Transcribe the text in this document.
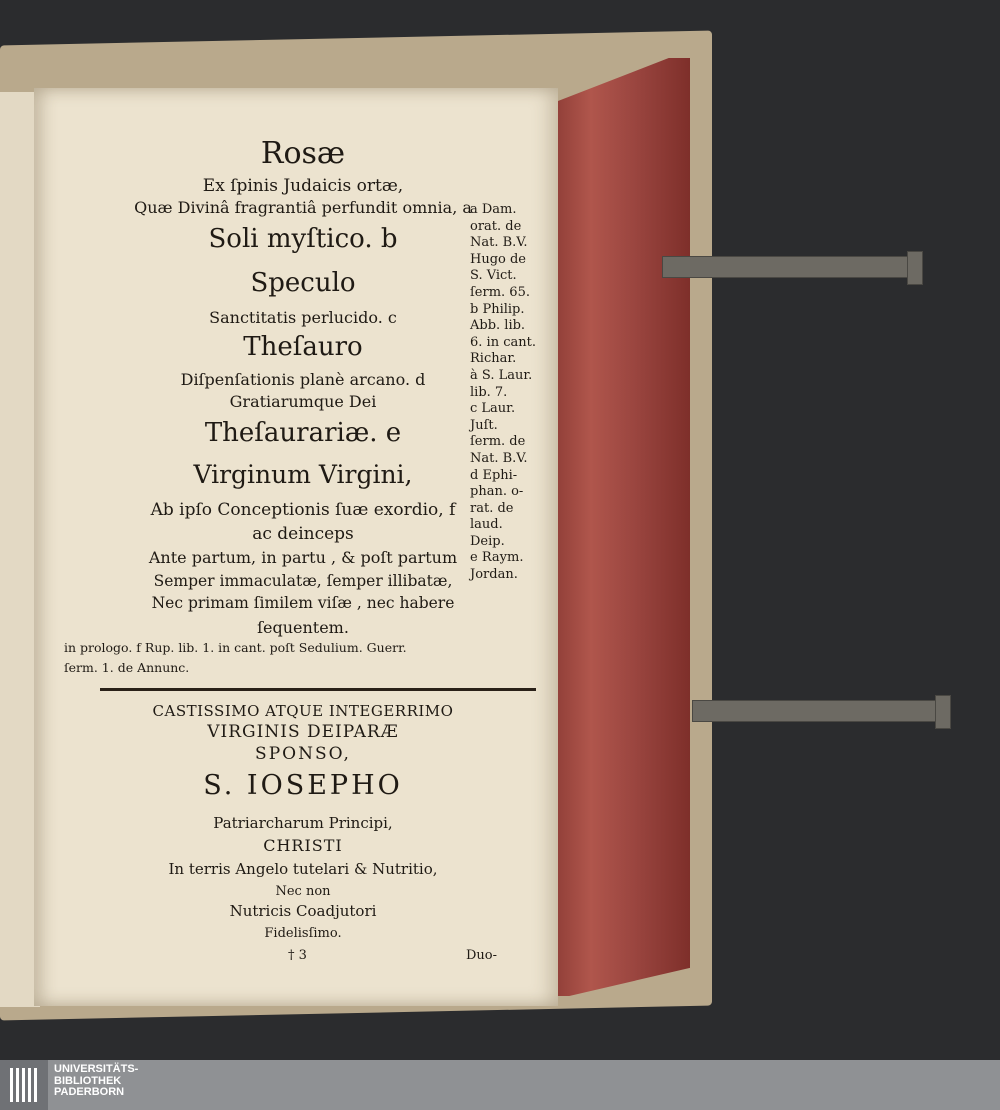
Rosæ
Ex ſpinis Judaicis ortæ,
Quæ Divinâ fragrantiâ perfundit omnia, a
Soli myſtico. b
Speculo
Sanctitatis perlucido. c
Theſauro
Diſpenſationis planè arcano. d
Gratiarumque Dei
Theſaurariæ. e
Virginum Virgini,
Ab ipſo Conceptionis ſuæ exordio, f
ac deinceps
Ante partum, in partu , & poſt partum
Semper immaculatæ, ſemper illibatæ,
Nec primam ſimilem viſæ , nec habere
ſequentem.
a Dam.
orat. de
Nat. B.V.
Hugo de
S. Vict.
ſerm. 65.
b Philip.
Abb. lib.
6. in cant.
Richar.
à S. Laur.
lib. 7.
c Laur.
Juſt.
ſerm. de
Nat. B.V.
d Ephi-
phan. o-
rat. de
laud.
Deip.
e Raym.
Jordan.
in prologo. f Rup. lib. 1. in cant. poſt Sedulium. Guerr.
ſerm. 1. de Annunc.
CASTISSIMO ATQUE INTEGERRIMO
VIRGINIS DEIPARÆ
SPONSO,
S. IOSEPHO
Patriarcharum Principi,
CHRISTI
In terris Angelo tutelari & Nutritio,
Nec non
Nutricis Coadjutori
Fidelisſimo.
† 3	Duo-
UNIVERSITÄTS-
BIBLIOTHEK
PADERBORN
